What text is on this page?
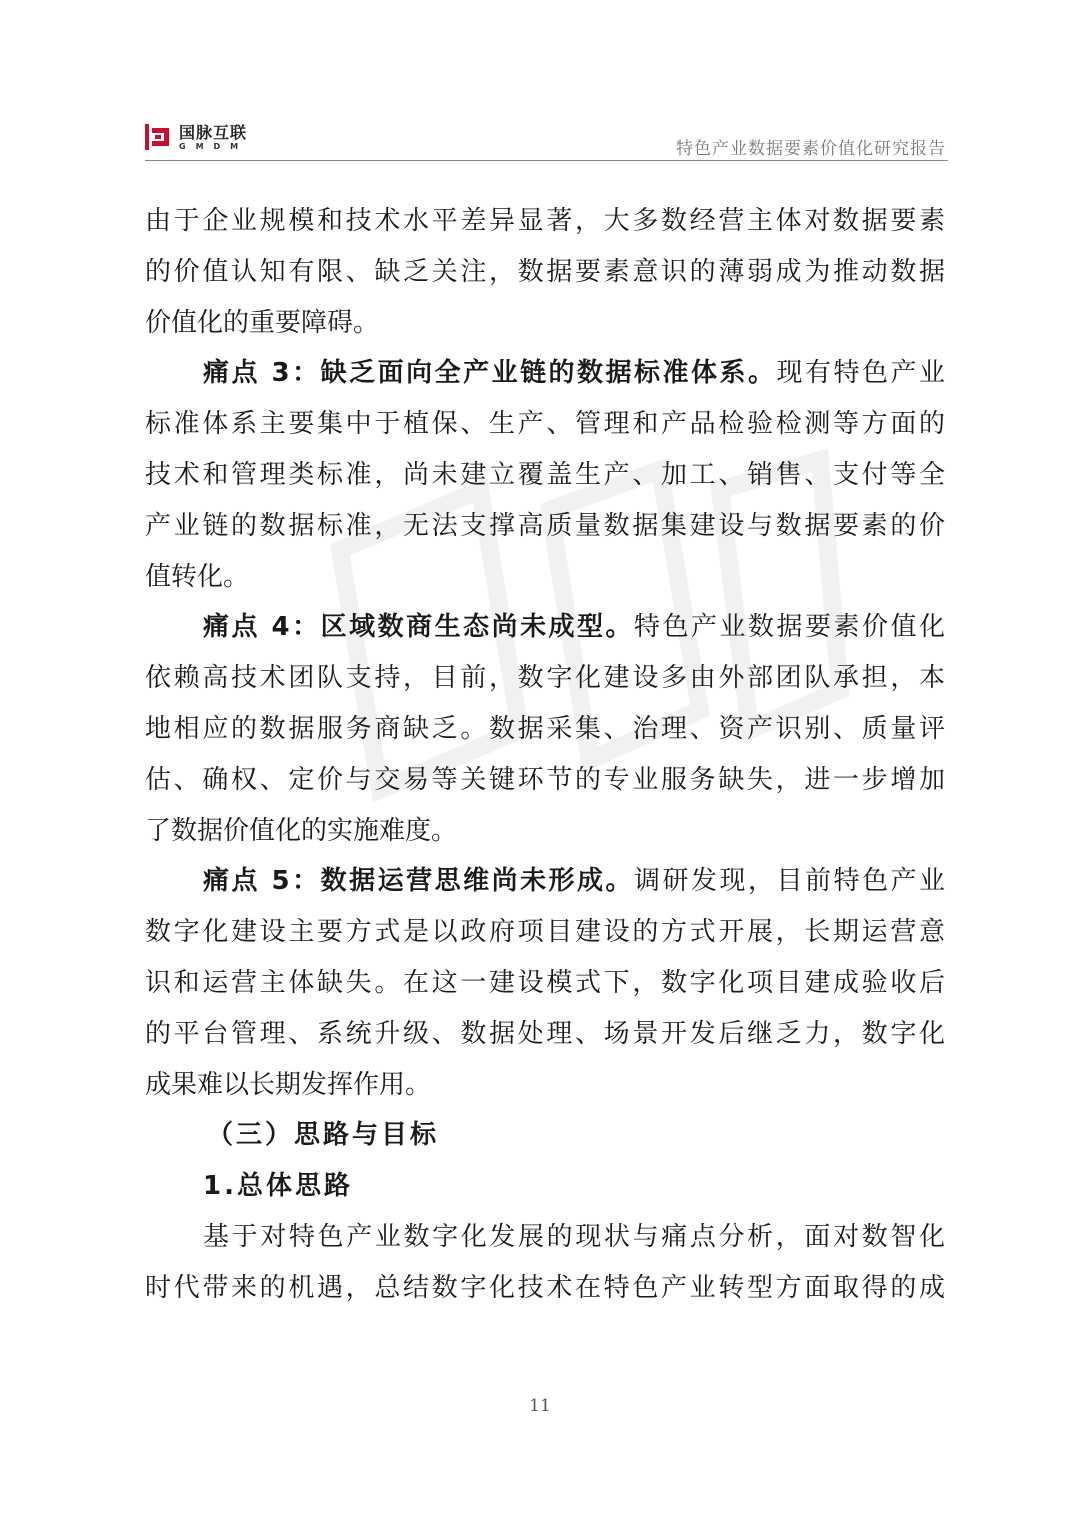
国脉互联
GMDM	特色产业数据要素价值化研究报告
由于企业规模和技术水平差异显著，大多数经营主体对数据要素
的价值认知有限、缺乏关注，数据要素意识的薄弱成为推动数据
价值化的重要障碍。
痛点 3：缺乏面向全产业链的数据标准体系。现有特色产业
标准体系主要集中于植保、生产、管理和产品检验检测等方面的
技术和管理类标准，尚未建立覆盖生产、加工、销售、支付等全
产业链的数据标准，无法支撑高质量数据集建设与数据要素的价
值转化。
痛点 4：区域数商生态尚未成型。特色产业数据要素价值化
依赖高技术团队支持，目前，数字化建设多由外部团队承担，本
地相应的数据服务商缺乏。数据采集、治理、资产识别、质量评
估、确权、定价与交易等关键环节的专业服务缺失，进一步增加
了数据价值化的实施难度。
痛点 5：数据运营思维尚未形成。调研发现，目前特色产业
数字化建设主要方式是以政府项目建设的方式开展，长期运营意
识和运营主体缺失。在这一建设模式下，数字化项目建成验收后
的平台管理、系统升级、数据处理、场景开发后继乏力，数字化
成果难以长期发挥作用。
（三）思路与目标
1.总体思路
基于对特色产业数字化发展的现状与痛点分析，面对数智化
时代带来的机遇，总结数字化技术在特色产业转型方面取得的成
11
